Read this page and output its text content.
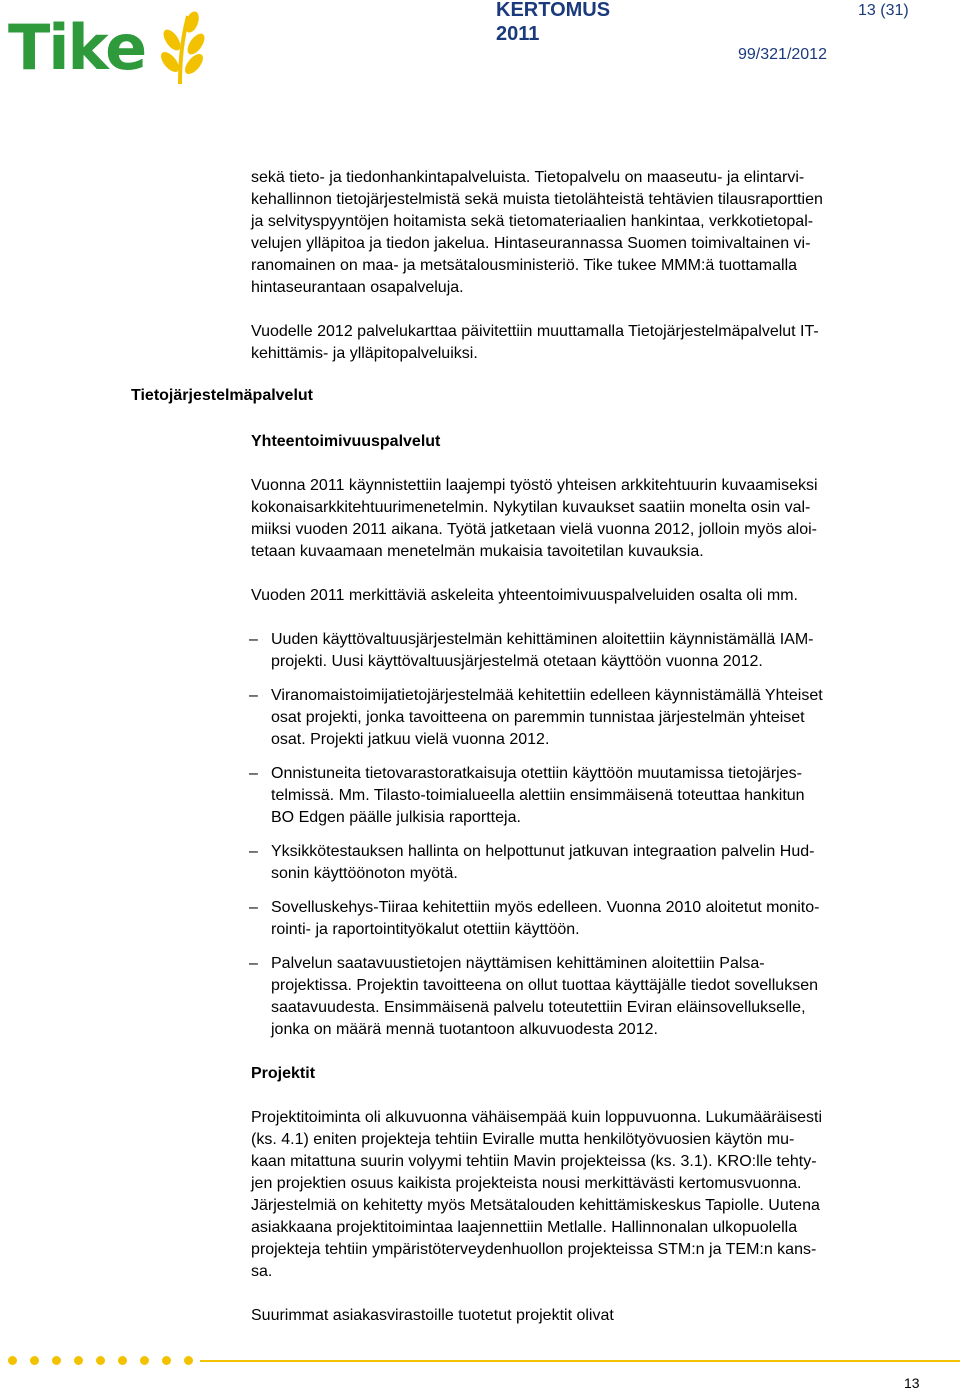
Tike
KERTOMUS
2011
13 (31)
99/321/2012
Tietojärjestelmäpalvelut

sekä tieto- ja tiedonhankintapalveluista. Tietopalvelu on maaseutu- ja elintarvi-
kehallinnon tietojärjestelmistä sekä muista tietolähteistä tehtävien tilausraporttien
ja selvityspyyntöjen hoitamista sekä tietomateriaalien hankintaa, verkkotietopal-
velujen ylläpitoa ja tiedon jakelua. Hintaseurannassa Suomen toimivaltainen vi-
ranomainen on maa- ja metsätalousministeriö. Tike tukee MMM:ä tuottamalla
hintaseurantaan osapalveluja.

Vuodelle 2012 palvelukarttaa päivitettiin muuttamalla Tietojärjestelmäpalvelut IT-
kehittämis- ja ylläpitopalveluiksi.

Yhteentoimivuuspalvelut

Vuonna 2011 käynnistettiin laajempi työstö yhteisen arkkitehtuurin kuvaamiseksi
kokonaisarkkitehtuurimenetelmin. Nykytilan kuvaukset saatiin monelta osin val-
miiksi vuoden 2011 aikana. Työtä jatketaan vielä vuonna 2012, jolloin myös aloi-
tetaan kuvaamaan menetelmän mukaisia tavoitetilan kuvauksia.

Vuoden 2011 merkittäviä askeleita yhteentoimivuuspalveluiden osalta oli mm.

– Uuden käyttövaltuusjärjestelmän kehittäminen aloitettiin käynnistämällä IAM-
projekti. Uusi käyttövaltuusjärjestelmä otetaan käyttöön vuonna 2012.
– Viranomaistoimijatietojärjestelmää kehitettiin edelleen käynnistämällä Yhteiset
osat projekti, jonka tavoitteena on paremmin tunnistaa järjestelmän yhteiset
osat. Projekti jatkuu vielä vuonna 2012.
– Onnistuneita tietovarastoratkaisuja otettiin käyttöön muutamissa tietojärjes-
telmissä. Mm. Tilasto-toimialueella alettiin ensimmäisenä toteuttaa hankitun
BO Edgen päälle julkisia raportteja.
– Yksikkötestauksen hallinta on helpottunut jatkuvan integraation palvelin Hud-
sonin käyttöönoton myötä.
– Sovelluskehys-Tiiraa kehitettiin myös edelleen. Vuonna 2010 aloitetut monito-
rointi- ja raportointityökalut otettiin käyttöön.
– Palvelun saatavuustietojen näyttämisen kehittäminen aloitettiin Palsa-
projektissa. Projektin tavoitteena on ollut tuottaa käyttäjälle tiedot sovelluksen
saatavuudesta. Ensimmäisenä palvelu toteutettiin Eviran eläinsovellukselle,
jonka on määrä mennä tuotantoon alkuvuodesta 2012.

Projektit

Projektitoiminta oli alkuvuonna vähäisempää kuin loppuvuonna. Lukumääräisesti
(ks. 4.1) eniten projekteja tehtiin Eviralle mutta henkilötyövuosien käytön mu-
kaan mitattuna suurin volyymi tehtiin Mavin projekteissa (ks. 3.1). KRO:lle tehty-
jen projektien osuus kaikista projekteista nousi merkittävästi kertomusvuonna.
Järjestelmiä on kehitetty myös Metsätalouden kehittämiskeskus Tapiolle. Uutena
asiakkaana projektitoimintaa laajennettiin Metlalle. Hallinnonalan ulkopuolella
projekteja tehtiin ympäristöterveydenhuollon projekteissa STM:n ja TEM:n kans-
sa.

Suurimmat asiakasvirastoille tuotetut projektit olivat

13
